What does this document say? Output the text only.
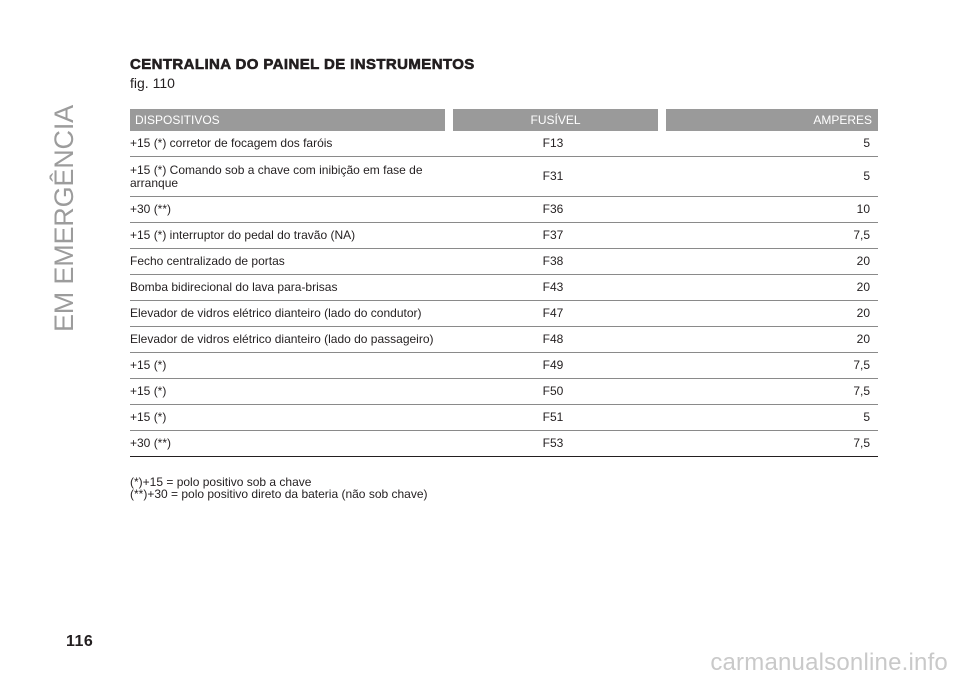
EM EMERGÊNCIA
116
CENTRALINA DO PAINEL DE INSTRUMENTOS
fig. 110
DISPOSITIVOS		FUSÍVEL		AMPERES
+15 (*) corretor de focagem dos faróis		F13	5	
+15 (*) Comando sob a chave com inibição em fase de arranque		F31	5	
+30 (**)		F36	10	
+15 (*) interruptor do pedal do travão (NA)		F37	7,5	
Fecho centralizado de portas		F38	20	
Bomba bidirecional do lava para-brisas		F43	20	
Elevador de vidros elétrico dianteiro (lado do condutor)		F47	20	
Elevador de vidros elétrico dianteiro (lado do passageiro)		F48	20	
+15 (*)		F49	7,5	
+15 (*)		F50	7,5	
+15 (*)		F51	5	
+30 (**)		F53	7,5	
(*)+15 = polo positivo sob a chave
(**)+30 = polo positivo direto da bateria (não sob chave)
carmanualsonline.info
